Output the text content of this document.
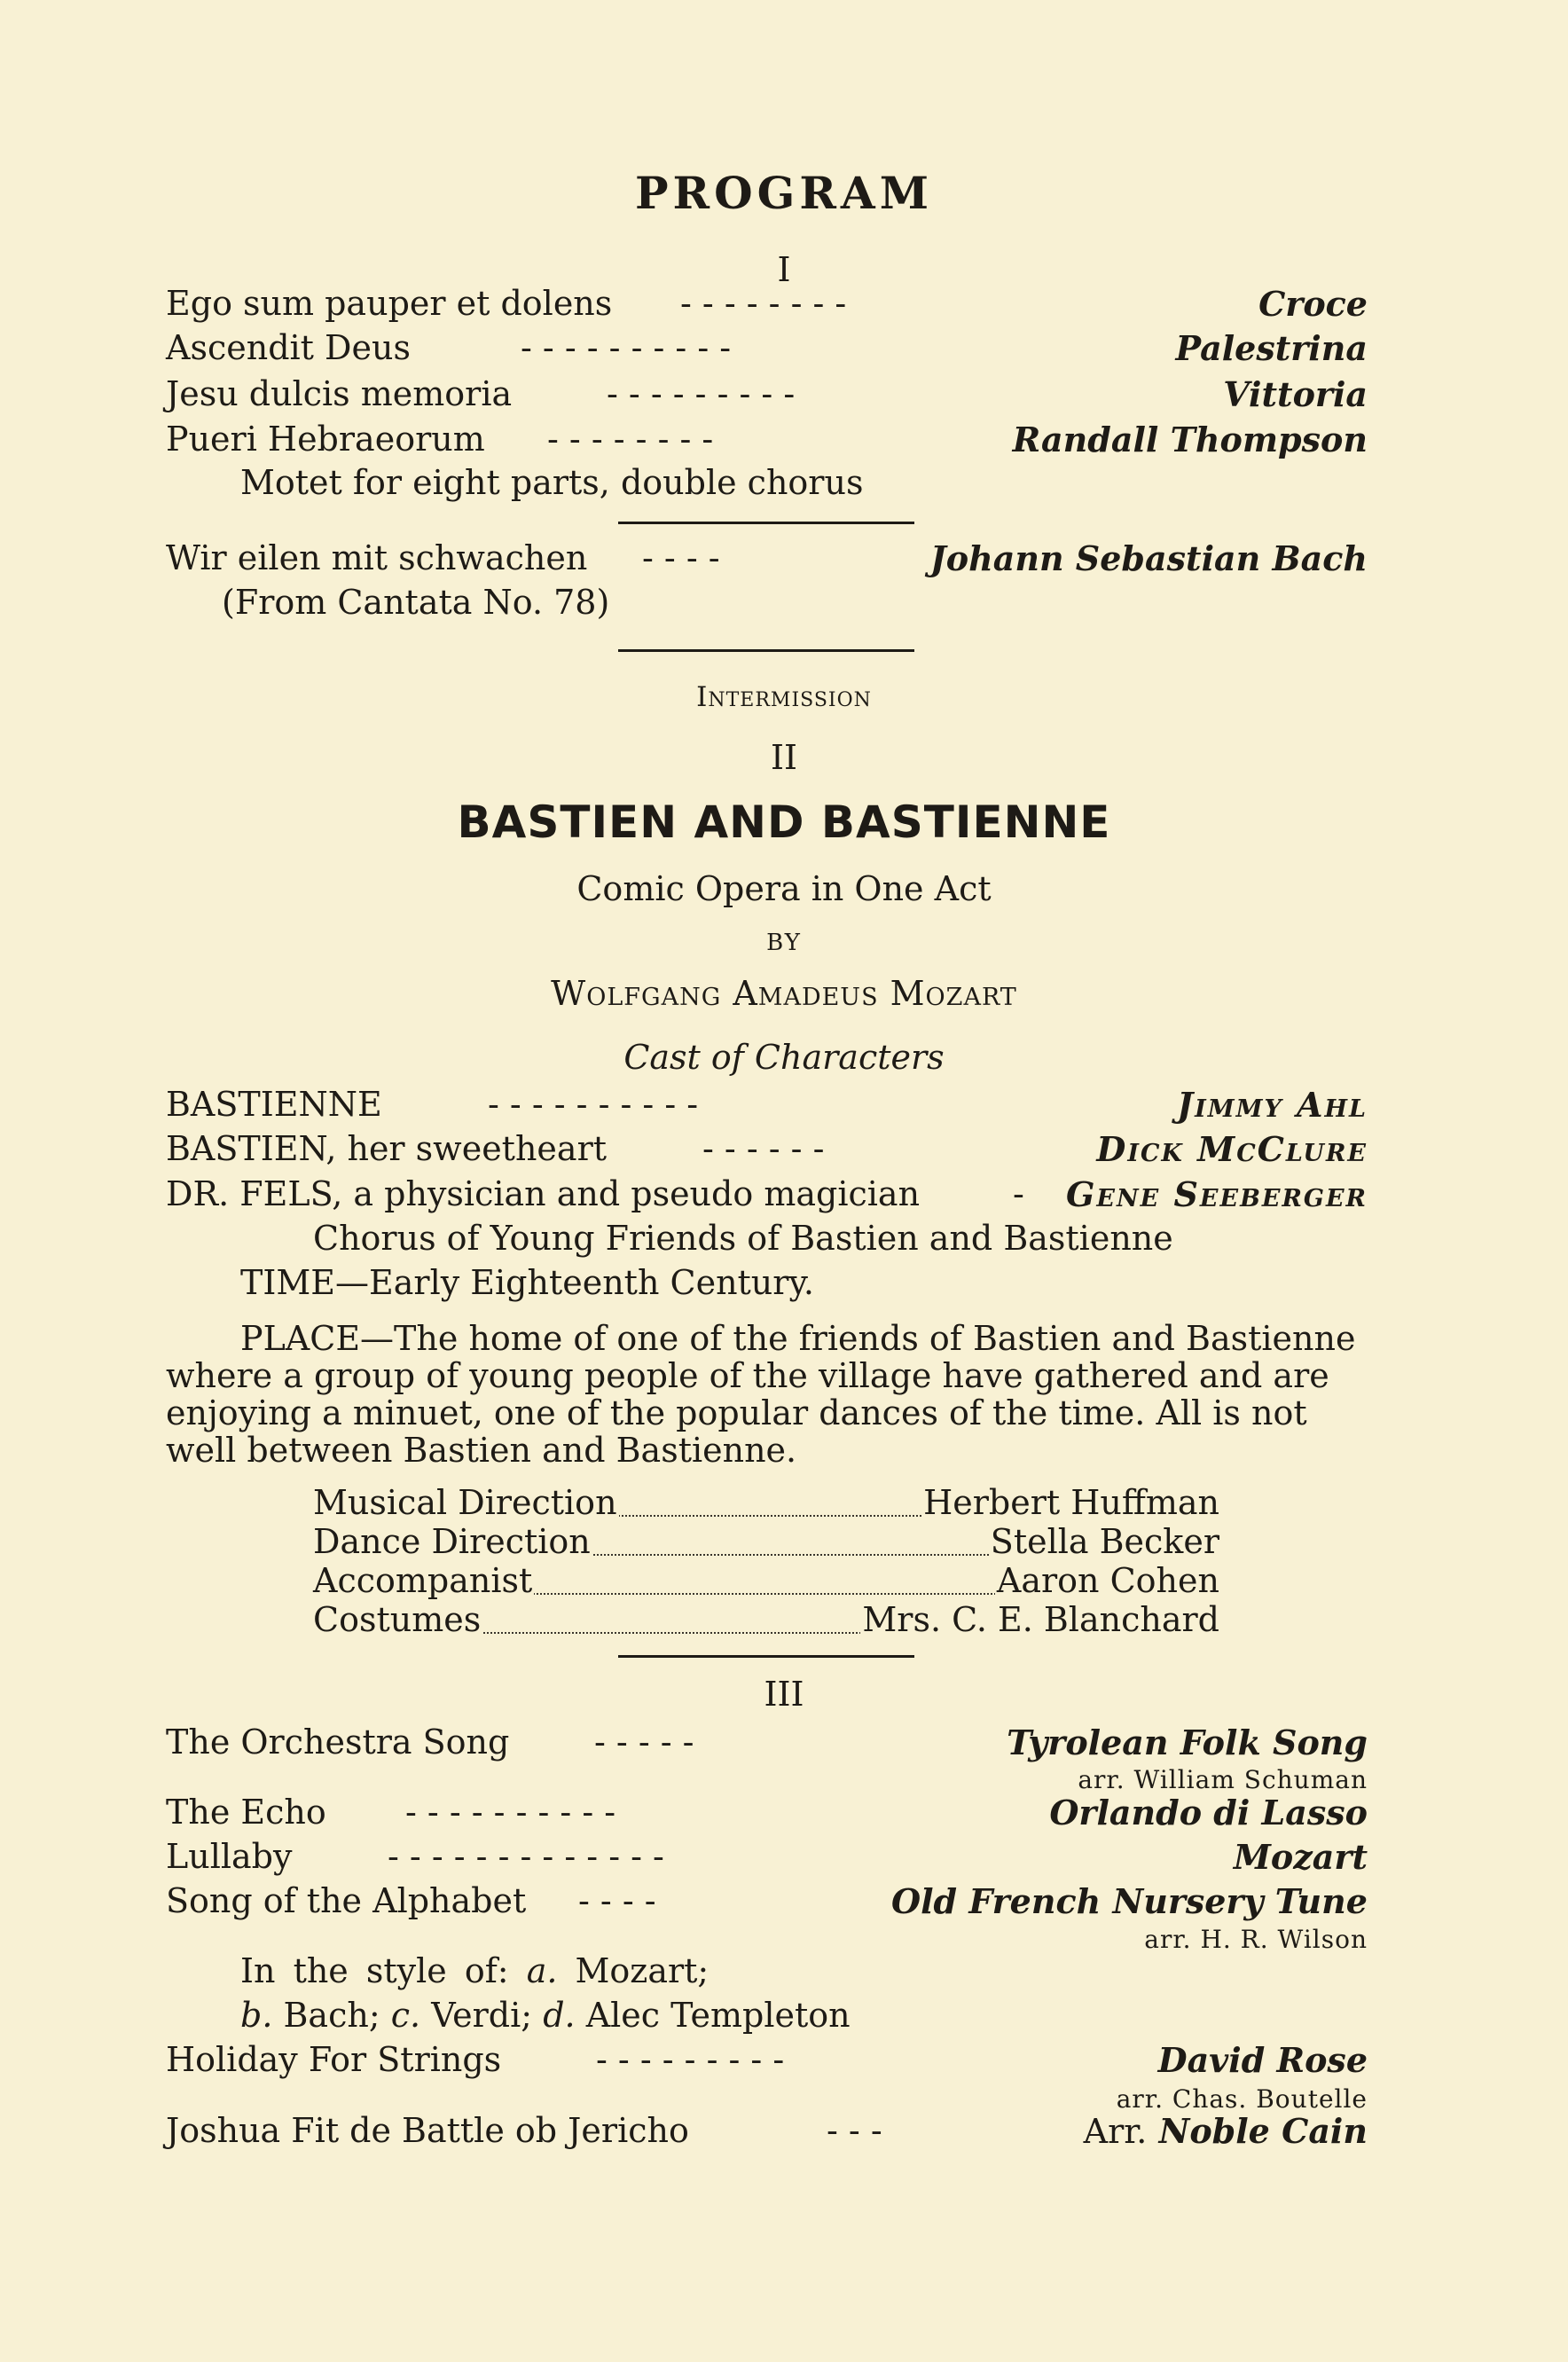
PROGRAM
I
Ego sum pauper et dolens - - - - - - - -	Croce
Ascendit Deus	- - - - - - - - - -	Palestrina
Jesu dulcis memoria	- - - - - - - - -	Vittoria
Pueri Hebraeorum - - - - - - - -	Randall Thompson
Motet for eight parts, double chorus
Wir eilen mit schwachen - - - -	Johann Sebastian Bach
(From Cantata No. 78)
Intermission
II
BASTIEN AND BASTIENNE
Comic Opera in One Act
BY
Wolfgang Amadeus Mozart
Cast of Characters
BASTIENNE	- - - - - - - - - -	Jimmy Ahl
BASTIEN, her sweetheart	- - - - - -	Dick McClure
DR. FELS, a physician and pseudo magician	- Gene Seeberger
Chorus of Young Friends of Bastien and Bastienne
TIME—Early Eighteenth Century.
PLACE—The home of one of the friends of Bastien and Bastienne
where a group of young people of the village have gathered and are
enjoying a minuet, one of the popular dances of the time. All is not
well between Bastien and Bastienne.
Musical Direction	Herbert Huffman
Dance Direction	Stella Becker
Accompanist	Aaron Cohen
Costumes	Mrs. C. E. Blanchard
III
The Orchestra Song	- - - - -	Tyrolean Folk Song
arr. William Schuman
The Echo - - - - - - - - - -	Orlando di Lasso
Lullaby	- - - - - - - - - - - - -	Mozart
Song of the Alphabet - - - -	Old French Nursery Tune
arr. H. R. Wilson
In the style of: a. Mozart;
b. Bach; c. Verdi; d. Alec Templeton
Holiday For Strings	- - - - - - - - -	David Rose
arr. Chas. Boutelle
Joshua Fit de Battle ob Jericho	- - -	Arr. Noble Cain
